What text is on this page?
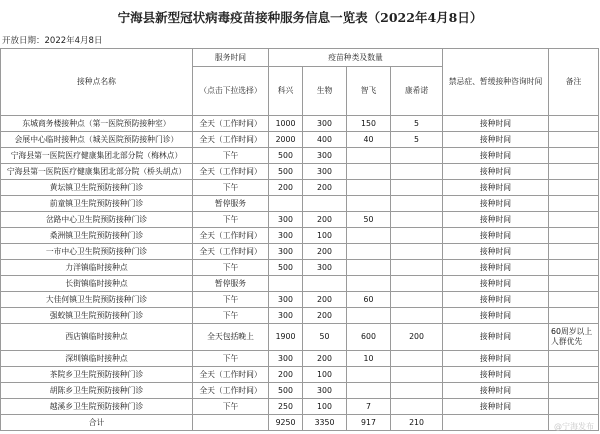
宁海县新型冠状病毒疫苗接种服务信息一览表（2022年4月8日）
开放日期：2022年4月8日
接种点名称	服务时间	疫苗种类及数量				禁忌症、暂缓接种咨询时间	备注
	（点击下拉选择）	科兴	生物	智飞	康希诺		
东城商务楼接种点（第一医院预防接种室）	全天（工作时间）	1000	300	150	5	接种时间	
会展中心临时接种点（城关医院预防接种门诊）	全天（工作时间）	2000	400	40	5	接种时间	
宁海县第一医院医疗健康集团北部分院（梅林点）	下午	500	300			接种时间	
宁海县第一医院医疗健康集团北部分院（桥头胡点）	全天（工作时间）	500	300			接种时间	
黄坛镇卫生院预防接种门诊	下午	200	200			接种时间	
前童镇卫生院预防接种门诊	暂停服务					接种时间	
岔路中心卫生院预防接种门诊	下午	300	200	50		接种时间	
桑洲镇卫生院预防接种门诊	全天（工作时间）	300	100			接种时间	
一市中心卫生院预防接种门诊	全天（工作时间）	300	200			接种时间	
力洋镇临时接种点	下午	500	300			接种时间	
长街镇临时接种点	暂停服务					接种时间	
大佳何镇卫生院预防接种门诊	下午	300	200	60		接种时间	
强蛟镇卫生院预防接种门诊	下午	300	200			接种时间	
西店镇临时接种点	全天包括晚上	1900	50	600	200	接种时间	60周岁以上人群优先
深圳镇临时接种点	下午	300	200	10		接种时间	
茶院乡卫生院预防接种门诊	全天（工作时间）	200	100			接种时间	
胡陈乡卫生院预防接种门诊	全天（工作时间）	500	300			接种时间	
越溪乡卫生院预防接种门诊	下午	250	100	7		接种时间	
合计		9250	3350	917	210			@宁海发布
